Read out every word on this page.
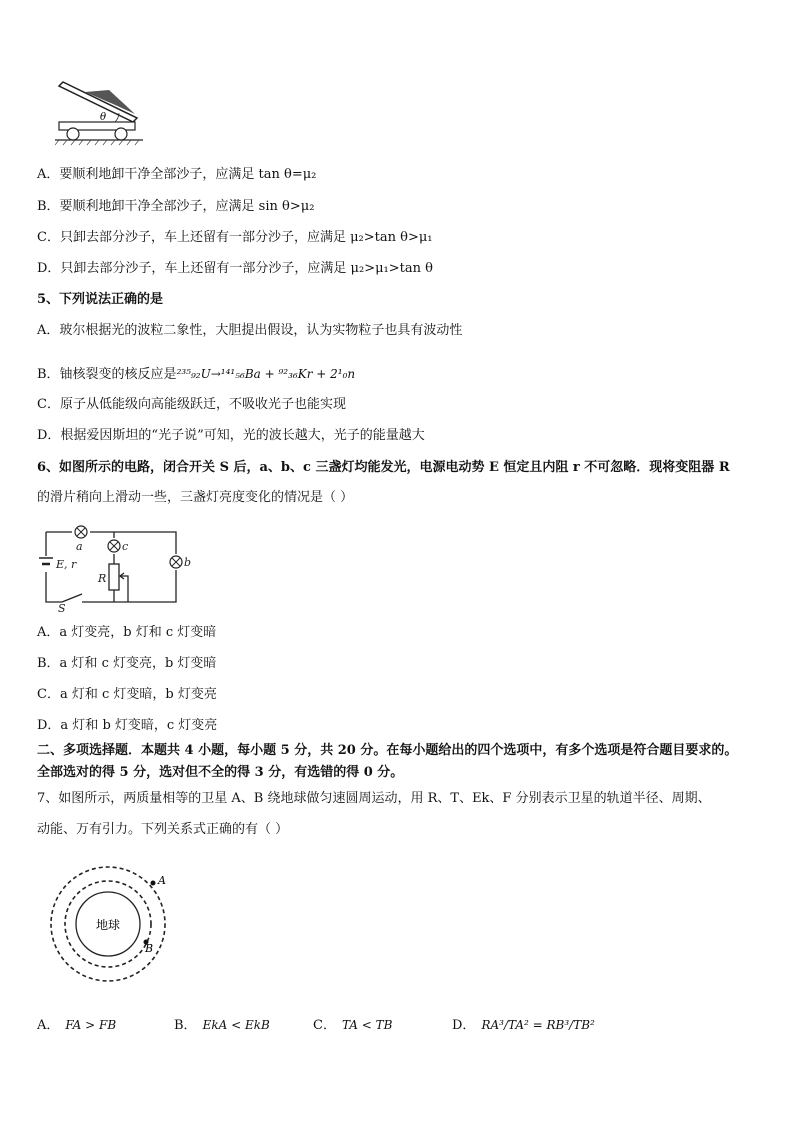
θ
A．要顺利地卸干净全部沙子，应满足 tan θ=μ₂
B．要顺利地卸干净全部沙子，应满足 sin θ>μ₂
C．只卸去部分沙子，车上还留有一部分沙子，应满足 μ₂>tan θ>μ₁
D．只卸去部分沙子，车上还留有一部分沙子，应满足 μ₂>μ₁>tan θ
5、下列说法正确的是
A．玻尔根据光的波粒二象性，大胆提出假设，认为实物粒子也具有波动性
B．铀核裂变的核反应是²³⁵₉₂U→¹⁴¹₅₆Ba + ⁹²₃₆Kr + 2¹₀n
C．原子从低能级向高能级跃迁，不吸收光子也能实现
D．根据爱因斯坦的“光子说”可知，光的波长越大，光子的能量越大
6、如图所示的电路，闭合开关 S 后，a、b、c 三盏灯均能发光，电源电动势 E 恒定且内阻 r 不可忽略．现将变阻器 R
的滑片稍向上滑动一些，三盏灯亮度变化的情况是（ ）
a	c
b
E, r
R
S
A．a 灯变亮，b 灯和 c 灯变暗
B．a 灯和 c 灯变亮，b 灯变暗
C．a 灯和 c 灯变暗，b 灯变亮
D．a 灯和 b 灯变暗，c 灯变亮
二、多项选择题．本题共 4 小题，每小题 5 分，共 20 分。在每小题给出的四个选项中，有多个选项是符合题目要求的。
全部选对的得 5 分，选对但不全的得 3 分，有选错的得 0 分。
7、如图所示，两质量相等的卫星 A、B 绕地球做匀速圆周运动，用 R、T、Ek、F 分别表示卫星的轨道半径、周期、
动能、万有引力。下列关系式正确的有（ ）
地球
A
B
A． FA > FB	B． EkA < EkB	C． TA < TB	D． RA³/TA² = RB³/TB²
